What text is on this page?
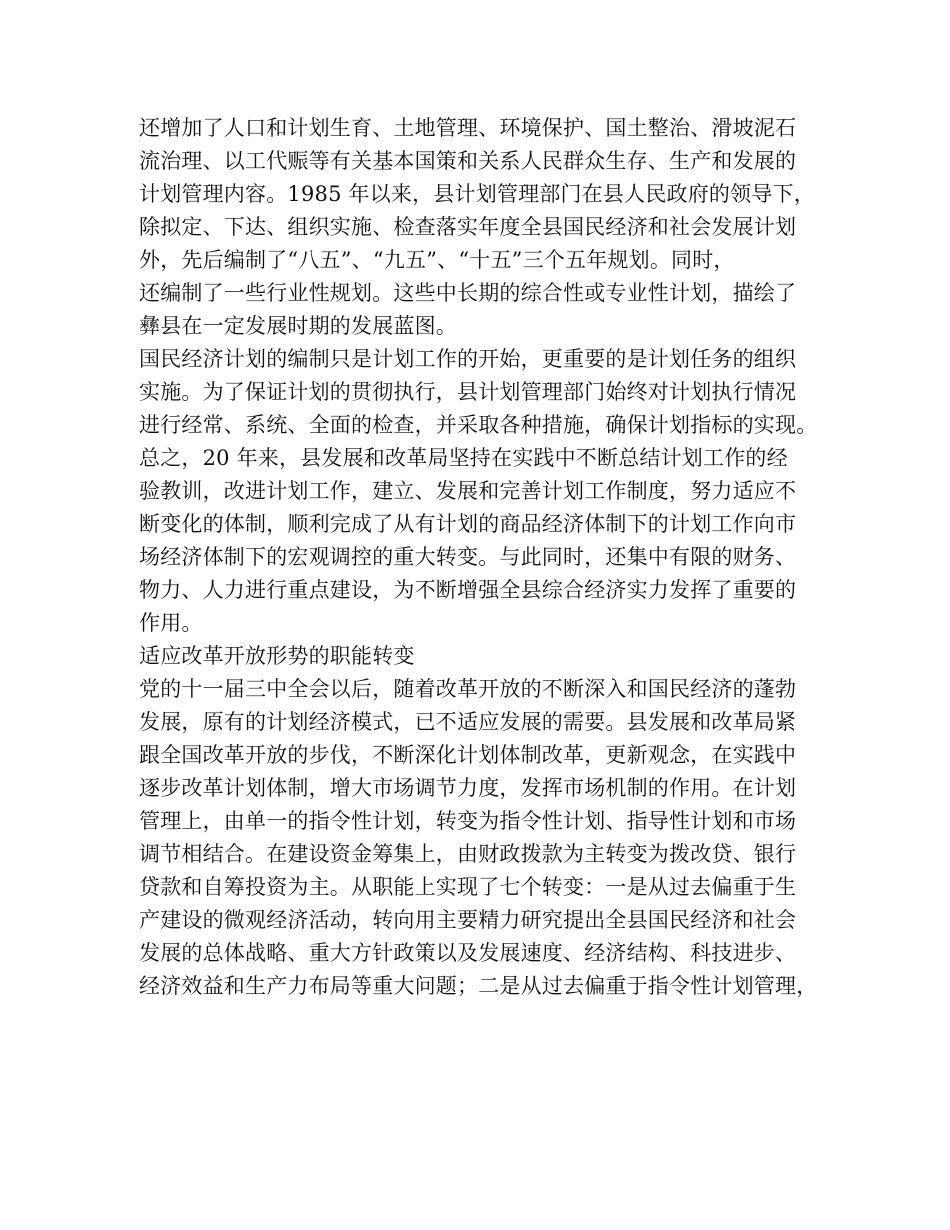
还增加了人口和计划生育、土地管理、环境保护、国土整治、滑坡泥石
流治理、以工代赈等有关基本国策和关系人民群众生存、生产和发展的
计划管理内容。1985 年以来，县计划管理部门在县人民政府的领导下，
除拟定、下达、组织实施、检查落实年度全县国民经济和社会发展计划
外，先后编制了“八五”、“九五”、“十五”三个五年规划。同时，
还编制了一些行业性规划。这些中长期的综合性或专业性计划，描绘了
彝县在一定发展时期的发展蓝图。
国民经济计划的编制只是计划工作的开始，更重要的是计划任务的组织
实施。为了保证计划的贯彻执行，县计划管理部门始终对计划执行情况
进行经常、系统、全面的检查，并采取各种措施，确保计划指标的实现。
总之，20 年来，县发展和改革局坚持在实践中不断总结计划工作的经
验教训，改进计划工作，建立、发展和完善计划工作制度，努力适应不
断变化的体制，顺利完成了从有计划的商品经济体制下的计划工作向市
场经济体制下的宏观调控的重大转变。与此同时，还集中有限的财务、
物力、人力进行重点建设，为不断增强全县综合经济实力发挥了重要的
作用。
适应改革开放形势的职能转变
党的十一届三中全会以后，随着改革开放的不断深入和国民经济的蓬勃
发展，原有的计划经济模式，已不适应发展的需要。县发展和改革局紧
跟全国改革开放的步伐，不断深化计划体制改革，更新观念，在实践中
逐步改革计划体制，增大市场调节力度，发挥市场机制的作用。在计划
管理上，由单一的指令性计划，转变为指令性计划、指导性计划和市场
调节相结合。在建设资金筹集上，由财政拨款为主转变为拨改贷、银行
贷款和自筹投资为主。从职能上实现了七个转变：一是从过去偏重于生
产建设的微观经济活动，转向用主要精力研究提出全县国民经济和社会
发展的总体战略、重大方针政策以及发展速度、经济结构、科技进步、
经济效益和生产力布局等重大问题；二是从过去偏重于指令性计划管理，
